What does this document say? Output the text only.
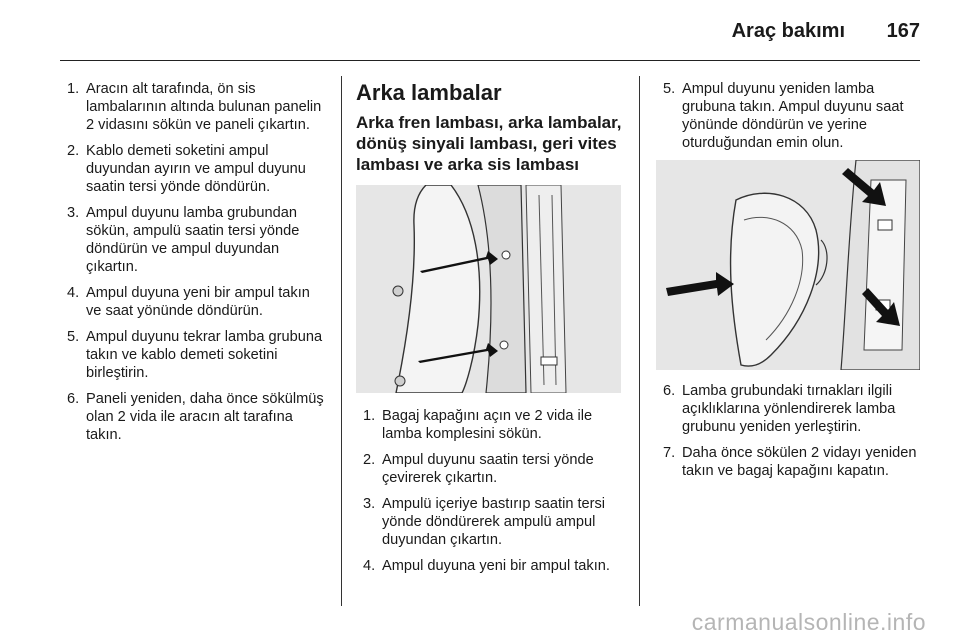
Araç bakımı 167
1. Aracın alt tarafında, ön sis lambalarının altında bulunan panelin 2 vidasını sökün ve paneli çıkartın.
2. Kablo demeti soketini ampul duyundan ayırın ve ampul duyunu saatin tersi yönde döndürün.
3. Ampul duyunu lamba grubundan sökün, ampulü saatin tersi yönde döndürün ve ampul duyundan çıkartın.
4. Ampul duyuna yeni bir ampul takın ve saat yönünde döndürün.
5. Ampul duyunu tekrar lamba grubuna takın ve kablo demeti soketini birleştirin.
6. Paneli yeniden, daha önce sökülmüş olan 2 vida ile aracın alt tarafına takın.
Arka lambalar
Arka fren lambası, arka lambalar, dönüş sinyali lambası, geri vites lambası ve arka sis lambası
1. Bagaj kapağını açın ve 2 vida ile lamba komplesini sökün.
2. Ampul duyunu saatin tersi yönde çevirerek çıkartın.
3. Ampulü içeriye bastırıp saatin tersi yönde döndürerek ampulü ampul duyundan çıkartın.
4. Ampul duyuna yeni bir ampul takın.
5. Ampul duyunu yeniden lamba grubuna takın. Ampul duyunu saat yönünde döndürün ve yerine oturduğundan emin olun.
6. Lamba grubundaki tırnakları ilgili açıklıklarına yönlendirerek lamba grubunu yeniden yerleştirin.
7. Daha önce sökülen 2 vidayı yeniden takın ve bagaj kapağını kapatın.
carmanualsonline.info
